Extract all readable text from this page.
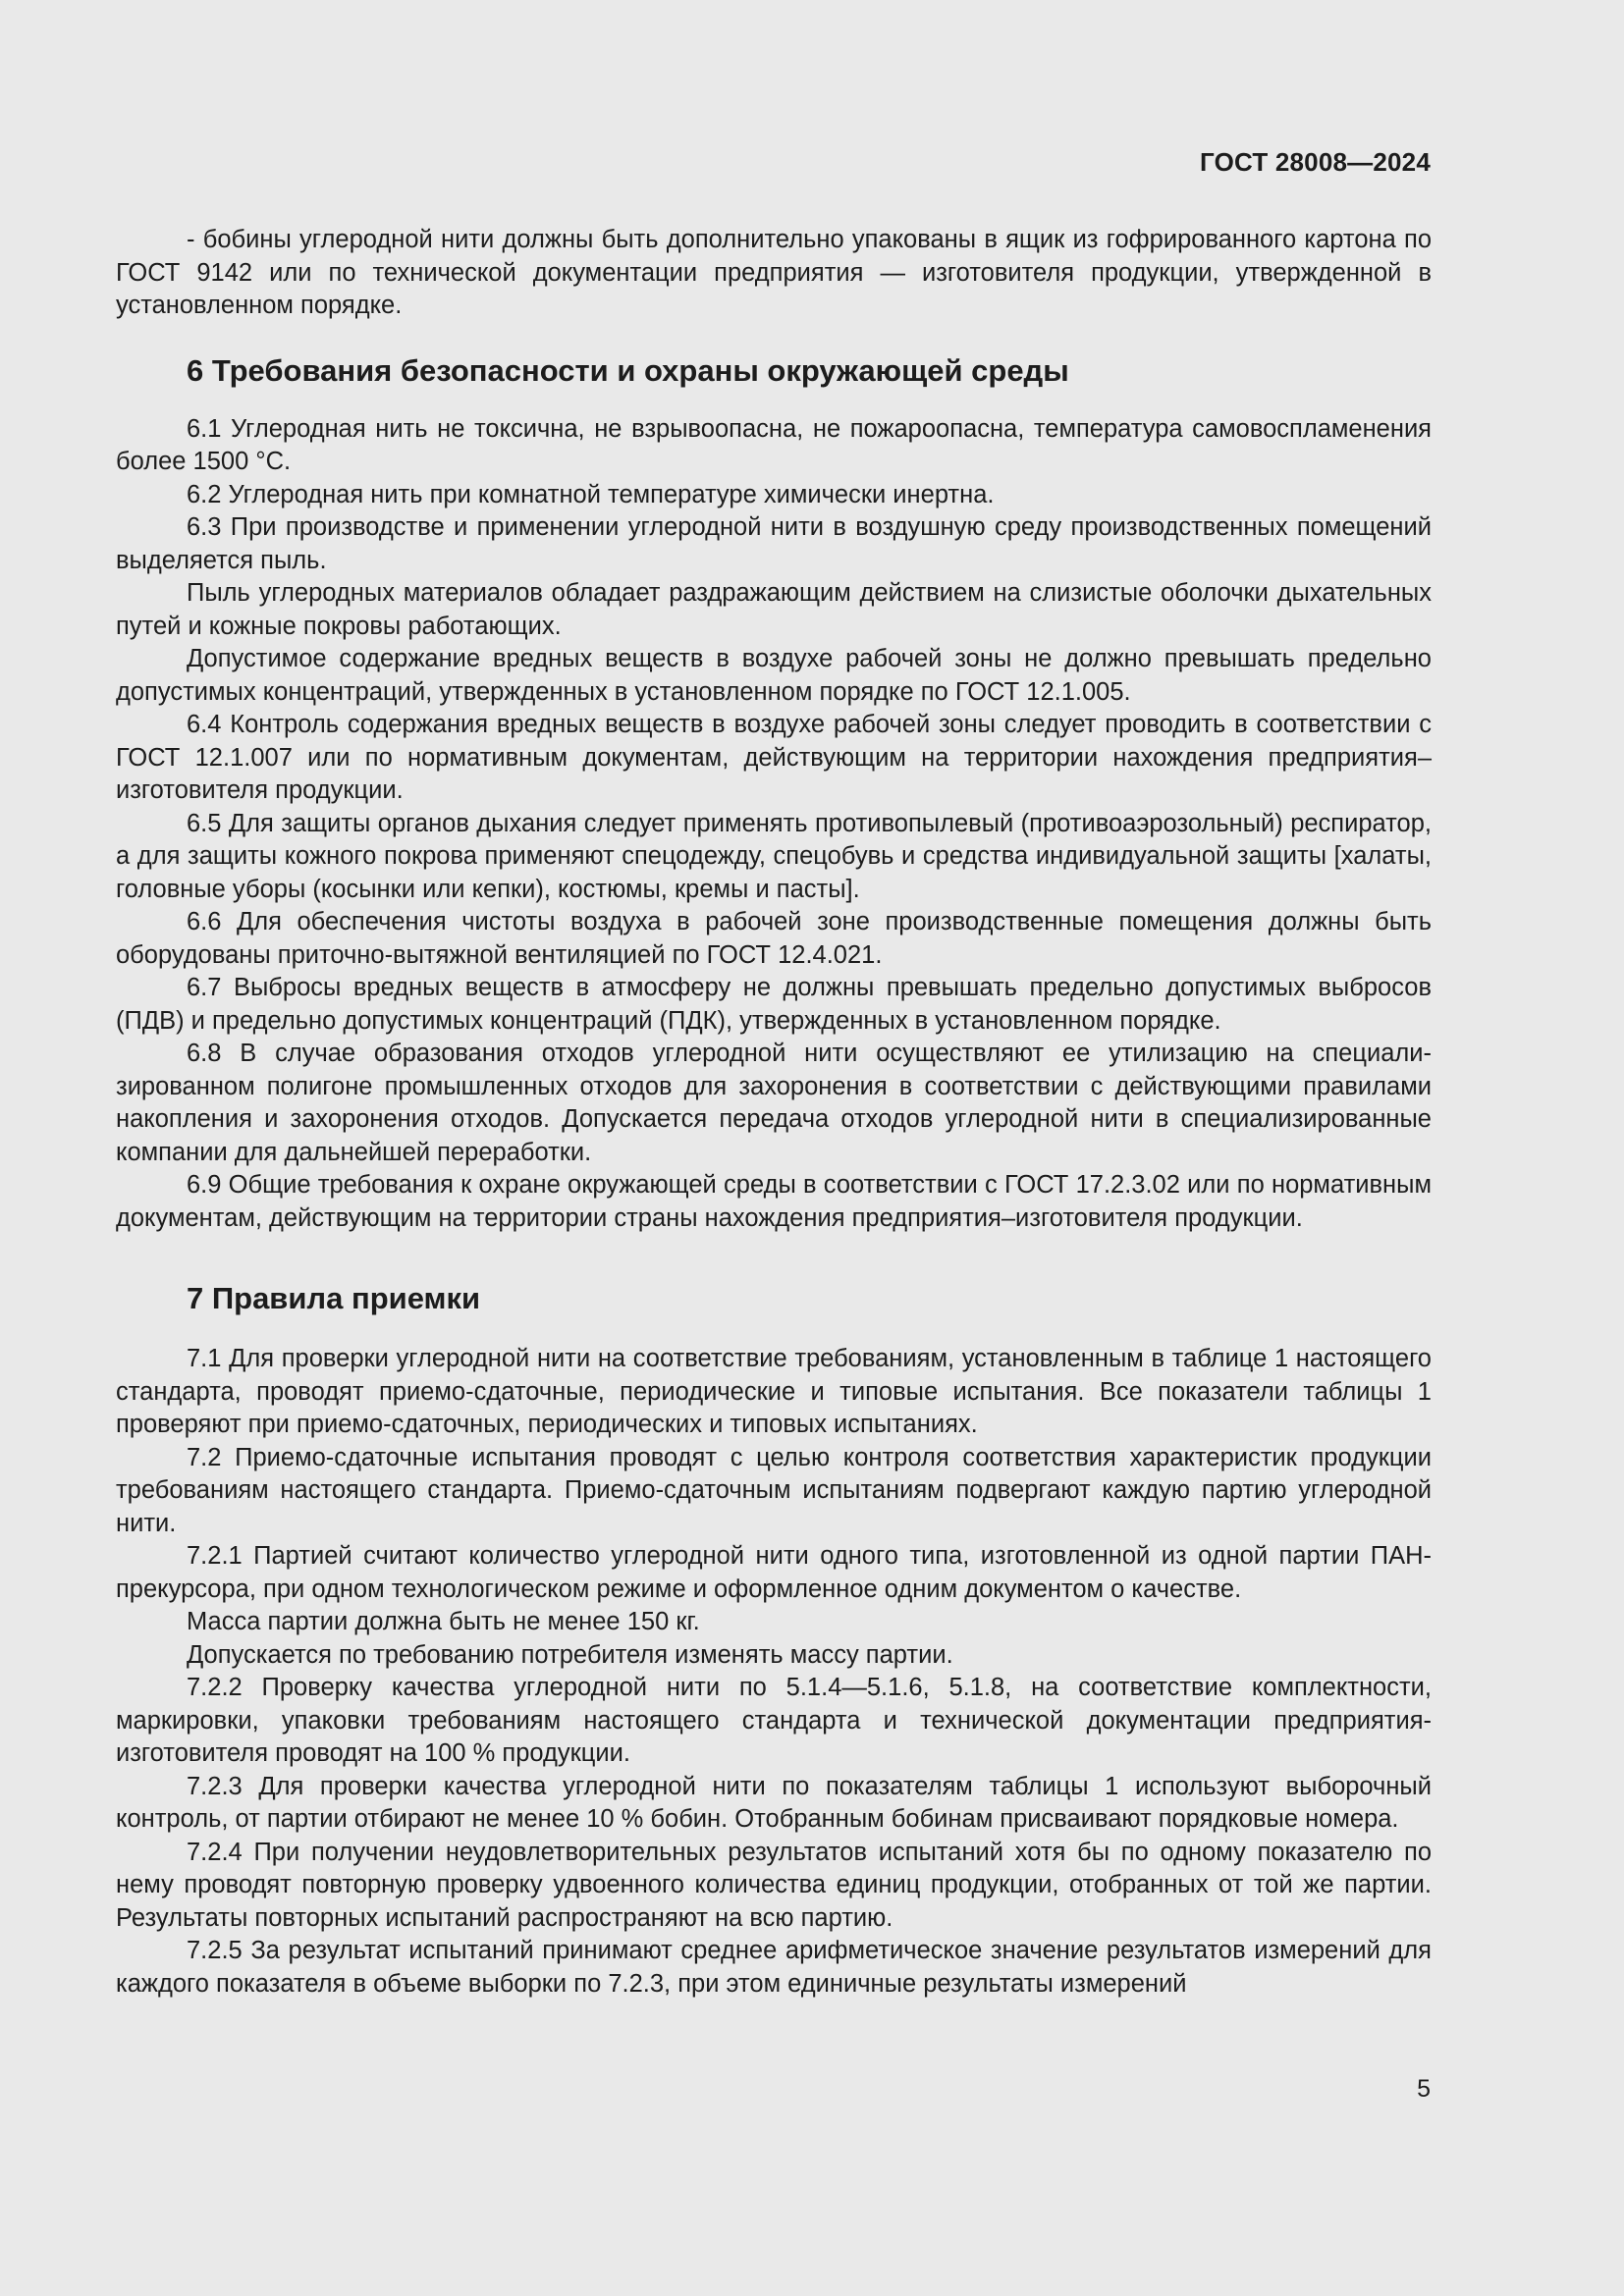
ГОСТ 28008—2024

- бобины углеродной нити должны быть дополнительно упакованы в ящик из гофрированного картона по ГОСТ 9142 или по технической документации предприятия — изготовителя продукции, утвержденной в установленном порядке.

6 Требования безопасности и охраны окружающей среды

6.1 Углеродная нить не токсична, не взрывоопасна, не пожароопасна, температура самовоспламенения более 1500 °С.

6.2 Углеродная нить при комнатной температуре химически инертна.

6.3 При производстве и применении углеродной нити в воздушную среду производственных помещений выделяется пыль.

Пыль углеродных материалов обладает раздражающим действием на слизистые оболочки дыхательных путей и кожные покровы работающих.

Допустимое содержание вредных веществ в воздухе рабочей зоны не должно превышать предельно допустимых концентраций, утвержденных в установленном порядке по ГОСТ 12.1.005.

6.4 Контроль содержания вредных веществ в воздухе рабочей зоны следует проводить в соответствии с ГОСТ 12.1.007 или по нормативным документам, действующим на территории нахождения предприятия–изготовителя продукции.

6.5 Для защиты органов дыхания следует применять противопылевый (противоаэрозольный) респиратор, а для защиты кожного покрова применяют спецодежду, спецобувь и средства индивидуальной защиты [халаты, головные уборы (косынки или кепки), костюмы, кремы и пасты].

6.6 Для обеспечения чистоты воздуха в рабочей зоне производственные помещения должны быть оборудованы приточно-вытяжной вентиляцией по ГОСТ 12.4.021.

6.7 Выбросы вредных веществ в атмосферу не должны превышать предельно допустимых выбросов (ПДВ) и предельно допустимых концентраций (ПДК), утвержденных в установленном порядке.

6.8 В случае образования отходов углеродной нити осуществляют ее утилизацию на специализированном полигоне промышленных отходов для захоронения в соответствии с действующими правилами накопления и захоронения отходов. Допускается передача отходов углеродной нити в специализированные компании для дальнейшей переработки.

6.9 Общие требования к охране окружающей среды в соответствии с ГОСТ 17.2.3.02 или по нормативным документам, действующим на территории страны нахождения предприятия–изготовителя продукции.

7 Правила приемки

7.1 Для проверки углеродной нити на соответствие требованиям, установленным в таблице 1 настоящего стандарта, проводят приемо-сдаточные, периодические и типовые испытания. Все показатели таблицы 1 проверяют при приемо-сдаточных, периодических и типовых испытаниях.

7.2 Приемо-сдаточные испытания проводят с целью контроля соответствия характеристик продукции требованиям настоящего стандарта. Приемо-сдаточным испытаниям подвергают каждую партию углеродной нити.

7.2.1 Партией считают количество углеродной нити одного типа, изготовленной из одной партии ПАН-прекурсора, при одном технологическом режиме и оформленное одним документом о качестве.

Масса партии должна быть не менее 150 кг.

Допускается по требованию потребителя изменять массу партии.

7.2.2 Проверку качества углеродной нити по 5.1.4—5.1.6, 5.1.8, на соответствие комплектности, маркировки, упаковки требованиям настоящего стандарта и технической документации предприятия-изготовителя проводят на 100 % продукции.

7.2.3 Для проверки качества углеродной нити по показателям таблицы 1 используют выборочный контроль, от партии отбирают не менее 10 % бобин. Отобранным бобинам присваивают порядковые номера.

7.2.4 При получении неудовлетворительных результатов испытаний хотя бы по одному показателю по нему проводят повторную проверку удвоенного количества единиц продукции, отобранных от той же партии. Результаты повторных испытаний распространяют на всю партию.

7.2.5 За результат испытаний принимают среднее арифметическое значение результатов измерений для каждого показателя в объеме выборки по 7.2.3, при этом единичные результаты измерений

5
